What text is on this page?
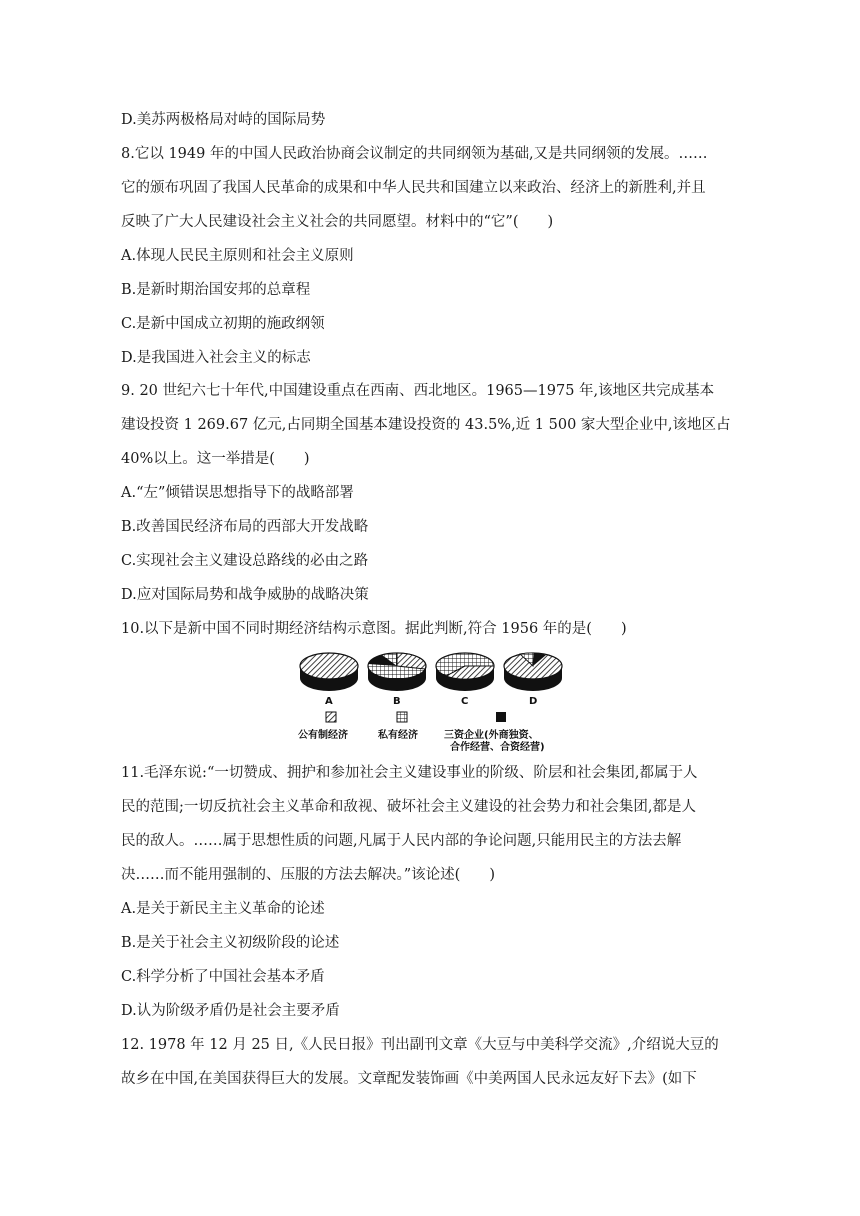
D.美苏两极格局对峙的国际局势
8.它以 1949 年的中国人民政治协商会议制定的共同纲领为基础,又是共同纲领的发展。……
它的颁布巩固了我国人民革命的成果和中华人民共和国建立以来政治、经济上的新胜利,并且
反映了广大人民建设社会主义社会的共同愿望。材料中的“它”(　　)
A.体现人民民主原则和社会主义原则
B.是新时期治国安邦的总章程
C.是新中国成立初期的施政纲领
D.是我国进入社会主义的标志
9. 20 世纪六七十年代,中国建设重点在西南、西北地区。1965—1975 年,该地区共完成基本
建设投资 1 269.67 亿元,占同期全国基本建设投资的 43.5%,近 1 500 家大型企业中,该地区占
40%以上。这一举措是(　　)
A.“左”倾错误思想指导下的战略部署
B.改善国民经济布局的西部大开发战略
C.实现社会主义建设总路线的必由之路
D.应对国际局势和战争威胁的战略决策
10.以下是新中国不同时期经济结构示意图。据此判断,符合 1956 年的是(　　)
A	B	C	D
公有制经济	私有经济	三资企业(外商独资、
合作经营、合资经营)
11.毛泽东说:“一切赞成、拥护和参加社会主义建设事业的阶级、阶层和社会集团,都属于人
民的范围;一切反抗社会主义革命和敌视、破坏社会主义建设的社会势力和社会集团,都是人
民的敌人。……属于思想性质的问题,凡属于人民内部的争论问题,只能用民主的方法去解
决……而不能用强制的、压服的方法去解决。”该论述(　　)
A.是关于新民主主义革命的论述
B.是关于社会主义初级阶段的论述
C.科学分析了中国社会基本矛盾
D.认为阶级矛盾仍是社会主要矛盾
12. 1978 年 12 月 25 日,《人民日报》刊出副刊文章《大豆与中美科学交流》,介绍说大豆的
故乡在中国,在美国获得巨大的发展。文章配发装饰画《中美两国人民永远友好下去》(如下
